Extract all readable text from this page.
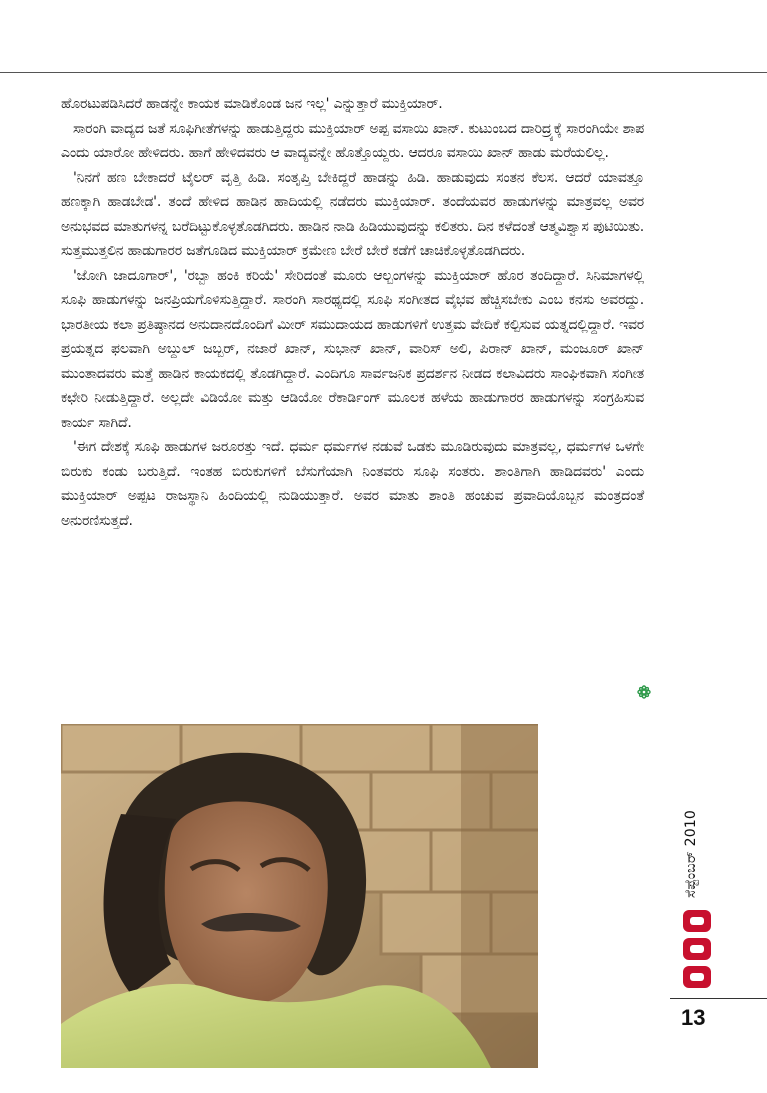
ಹೊರಟುಪಡಿಸಿದರೆ ಹಾಡನ್ನೇ ಕಾಯಕ ಮಾಡಿಕೊಂಡ ಜನ ಇಲ್ಲ' ಎನ್ನುತ್ತಾರೆ ಮುಕ್ತಿಯಾರ್.

ಸಾರಂಗಿ ವಾದ್ಯದ ಜತೆ ಸೂಫಿಗೀತೆಗಳನ್ನು ಹಾಡುತ್ತಿದ್ದರು ಮುಕ್ತಿಯಾರ್ ಅಪ್ಪ ವಸಾಯಿ ಖಾನ್. ಕುಟುಂಬದ ದಾರಿದ್ರ್ಯಕ್ಕೆ ಸಾರಂಗಿಯೇ ಶಾಪ ಎಂದು ಯಾರೋ ಹೇಳಿದರು. ಹಾಗೆ ಹೇಳಿದವರು ಆ ವಾದ್ಯವನ್ನೇ ಹೊತ್ತೊಯ್ದರು. ಆದರೂ ವಸಾಯಿ ಖಾನ್ ಹಾಡು ಮರೆಯಲಿಲ್ಲ.

'ನಿನಗೆ ಹಣ ಬೇಕಾದರೆ ಟೈಲರ್ ವೃತ್ತಿ ಹಿಡಿ. ಸಂತೃಪ್ತಿ ಬೇಕಿದ್ದರೆ ಹಾಡನ್ನು ಹಿಡಿ. ಹಾಡುವುದು ಸಂತನ ಕೆಲಸ. ಆದರೆ ಯಾವತ್ತೂ ಹಣಕ್ಕಾಗಿ ಹಾಡಬೇಡ'. ತಂದೆ ಹೇಳಿದ ಹಾಡಿನ ಹಾದಿಯಲ್ಲಿ ನಡೆದರು ಮುಕ್ತಿಯಾರ್. ತಂದೆಯವರ ಹಾಡುಗಳನ್ನು ಮಾತ್ರವಲ್ಲ ಅವರ ಅನುಭವದ ಮಾತುಗಳನ್ನ ಬರೆದಿಟ್ಟುಕೊಳ್ಳತೊಡಗಿದರು. ಹಾಡಿನ ನಾಡಿ ಹಿಡಿಯುವುದನ್ನು ಕಲಿತರು. ದಿನ ಕಳೆದಂತೆ ಆತ್ಮವಿಶ್ವಾಸ ಪುಟಿಯಿತು. ಸುತ್ತಮುತ್ತಲಿನ ಹಾಡುಗಾರರ ಜತೆಗೂಡಿದ ಮುಕ್ತಿಯಾರ್ ಕ್ರಮೇಣ ಬೇರೆ ಬೇರೆ ಕಡೆಗೆ ಚಾಚಿಕೊಳ್ಳತೊಡಗಿದರು.

'ಜೋಗಿ ಜಾದೂಗಾರ್', 'ರಬ್ಬಾ ಹಂಕಿ ಕರಿಯೆ' ಸೇರಿದಂತೆ ಮೂರು ಆಲ್ಬಂಗಳನ್ನು ಮುಕ್ತಿಯಾರ್ ಹೊರ ತಂದಿದ್ದಾರೆ. ಸಿನಿಮಾಗಳಲ್ಲಿ ಸೂಫಿ ಹಾಡುಗಳನ್ನು ಜನಪ್ರಿಯಗೊಳಿಸುತ್ತಿದ್ದಾರೆ. ಸಾರಂಗಿ ಸಾರಥ್ಯದಲ್ಲಿ ಸೂಫಿ ಸಂಗೀತದ ವೈಭವ ಹೆಚ್ಚಿಸಬೇಕು ಎಂಬ ಕನಸು ಅವರದ್ದು. ಭಾರತೀಯ ಕಲಾ ಪ್ರತಿಷ್ಠಾನದ ಅನುದಾನದೊಂದಿಗೆ ಮೀರ್ ಸಮುದಾಯದ ಹಾಡುಗಳಿಗೆ ಉತ್ತಮ ವೇದಿಕೆ ಕಲ್ಪಿಸುವ ಯತ್ನದಲ್ಲಿದ್ದಾರೆ. ಇವರ ಪ್ರಯತ್ನದ ಫಲವಾಗಿ ಅಬ್ದುಲ್ ಜಬ್ಬರ್, ನಜಾರೆ ಖಾನ್, ಸುಭಾನ್ ಖಾನ್, ವಾರಿಸ್ ಅಲಿ, ಪಿರಾನ್ ಖಾನ್, ಮಂಜೂರ್ ಖಾನ್ ಮುಂತಾದವರು ಮತ್ತೆ ಹಾಡಿನ ಕಾಯಕದಲ್ಲಿ ತೊಡಗಿದ್ದಾರೆ. ಎಂದಿಗೂ ಸಾರ್ವಜನಿಕ ಪ್ರದರ್ಶನ ನೀಡದ ಕಲಾವಿದರು ಸಾಂಘಿಕವಾಗಿ ಸಂಗೀತ ಕಛೇರಿ ನೀಡುತ್ತಿದ್ದಾರೆ. ಅಲ್ಲದೇ ವಿಡಿಯೋ ಮತ್ತು ಆಡಿಯೋ ರೆಕಾರ್ಡಿಂಗ್ ಮೂಲಕ ಹಳೆಯ ಹಾಡುಗಾರರ ಹಾಡುಗಳನ್ನು ಸಂಗ್ರಹಿಸುವ ಕಾರ್ಯ ಸಾಗಿದೆ.

'ಈಗ ದೇಶಕ್ಕೆ ಸೂಫಿ ಹಾಡುಗಳ ಜರೂರತ್ತು ಇದೆ. ಧರ್ಮ ಧರ್ಮಗಳ ನಡುವೆ ಒಡಕು ಮೂಡಿರುವುದು ಮಾತ್ರವಲ್ಲ, ಧರ್ಮಗಳ ಒಳಗೇ ಬಿರುಕು ಕಂಡು ಬರುತ್ತಿದೆ. ಇಂತಹ ಬಿರುಕುಗಳಿಗೆ ಬೆಸುಗೆಯಾಗಿ ನಿಂತವರು ಸೂಫಿ ಸಂತರು. ಶಾಂತಿಗಾಗಿ ಹಾಡಿದವರು' ಎಂದು ಮುಕ್ತಿಯಾರ್ ಅಪ್ಪಟ ರಾಜಸ್ಥಾನಿ ಹಿಂದಿಯಲ್ಲಿ ನುಡಿಯುತ್ತಾರೆ. ಅವರ ಮಾತು ಶಾಂತಿ ಹಂಚುವ ಪ್ರವಾದಿಯೊಬ್ಬನ ಮಂತ್ರದಂತೆ ಅನುರಣಿಸುತ್ತದೆ.

ಸೆಪ್ಟೆಂಬರ್ 2010
13
